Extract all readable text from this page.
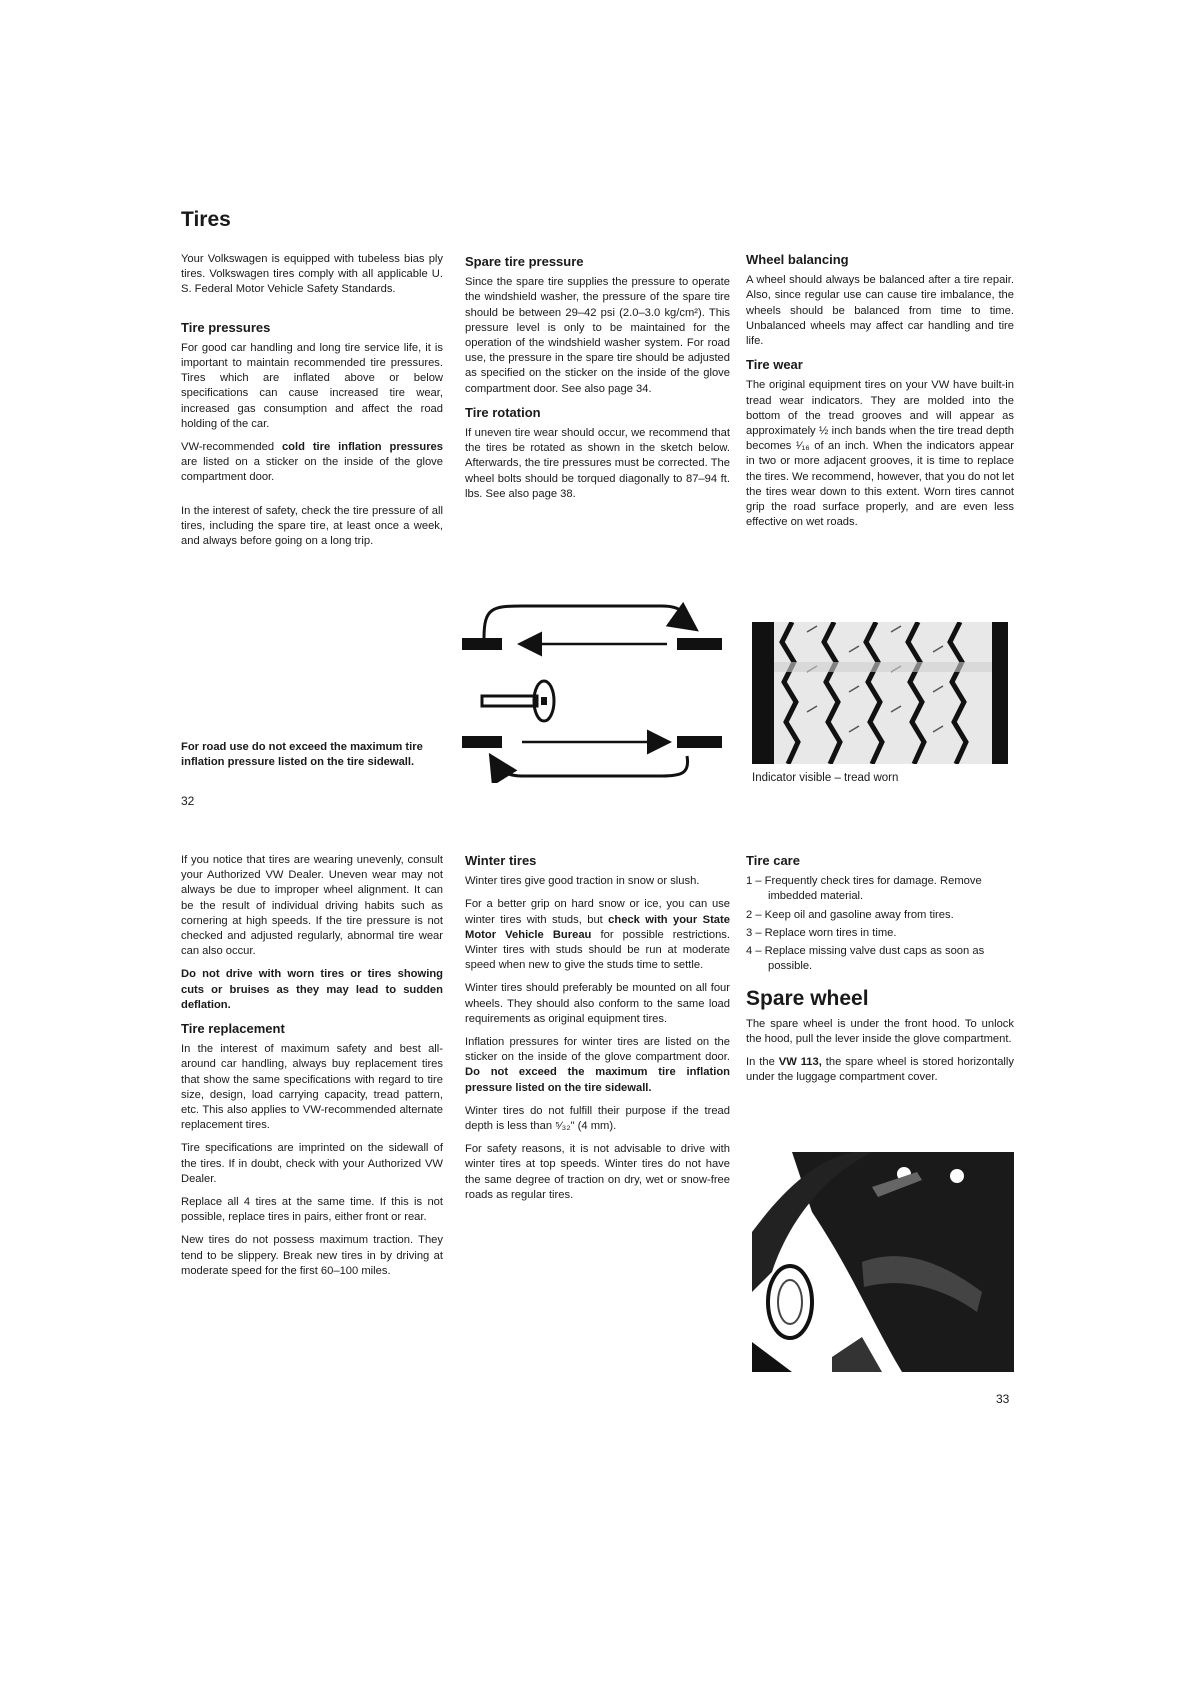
Tires

Your Volkswagen is equipped with tubeless bias ply tires. Volkswagen tires comply with all applicable U. S. Federal Motor Vehicle Safety Standards.

Tire pressures

For good car handling and long tire service life, it is important to maintain recommended tire pressures. Tires which are inflated above or below specifications can cause increased tire wear, increased gas consumption and affect the road holding of the car.

VW-recommended cold tire inflation pressures are listed on a sticker on the inside of the glove compartment door.

In the interest of safety, check the tire pressure of all tires, including the spare tire, at least once a week, and always before going on a long trip.

For road use do not exceed the maximum tire inflation pressure listed on the tire sidewall.
32
Spare tire pressure

Since the spare tire supplies the pressure to operate the windshield washer, the pressure of the spare tire should be between 29–42 psi (2.0–3.0 kg/cm²). This pressure level is only to be maintained for the operation of the windshield washer system. For road use, the pressure in the spare tire should be adjusted as specified on the sticker on the inside of the glove compartment door. See also page 34.

Tire rotation

If uneven tire wear should occur, we recommend that the tires be rotated as shown in the sketch below. Afterwards, the tire pressures must be corrected. The wheel bolts should be torqued diagonally to 87–94 ft. lbs. See also page 38.

Wheel balancing

A wheel should always be balanced after a tire repair. Also, since regular use can cause tire imbalance, the wheels should be balanced from time to time. Unbalanced wheels may affect car handling and tire life.

Tire wear

The original equipment tires on your VW have built-in tread wear indicators. They are molded into the bottom of the tread grooves and will appear as approximately ½ inch bands when the tire tread depth becomes ¹⁄₁₆ of an inch. When the indicators appear in two or more adjacent grooves, it is time to replace the tires. We recommend, however, that you do not let the tires wear down to this extent. Worn tires cannot grip the road surface properly, and are even less effective on wet roads.

Indicator visible – tread worn

If you notice that tires are wearing unevenly, consult your Authorized VW Dealer. Uneven wear may not always be due to improper wheel alignment. It can be the result of individual driving habits such as cornering at high speeds. If the tire pressure is not checked and adjusted regularly, abnormal tire wear can also occur.

Do not drive with worn tires or tires showing cuts or bruises as they may lead to sudden deflation.

Tire replacement

In the interest of maximum safety and best all-around car handling, always buy replacement tires that show the same specifications with regard to tire size, design, load carrying capacity, tread pattern, etc. This also applies to VW-recommended alternate replacement tires.

Tire specifications are imprinted on the sidewall of the tires. If in doubt, check with your Authorized VW Dealer.

Replace all 4 tires at the same time. If this is not possible, replace tires in pairs, either front or rear.

New tires do not possess maximum traction. They tend to be slippery. Break new tires in by driving at moderate speed for the first 60–100 miles.

Winter tires

Winter tires give good traction in snow or slush.

For a better grip on hard snow or ice, you can use winter tires with studs, but check with your State Motor Vehicle Bureau for possible restrictions. Winter tires with studs should be run at moderate speed when new to give the studs time to settle.

Winter tires should preferably be mounted on all four wheels. They should also conform to the same load requirements as original equipment tires.

Inflation pressures for winter tires are listed on the sticker on the inside of the glove compartment door. Do not exceed the maximum tire inflation pressure listed on the tire sidewall.

Winter tires do not fulfill their purpose if the tread depth is less than ⁵⁄₃₂" (4 mm).

For safety reasons, it is not advisable to drive with winter tires at top speeds. Winter tires do not have the same degree of traction on dry, wet or snow-free roads as regular tires.

Tire care
1 – Frequently check tires for damage. Remove imbedded material.
2 – Keep oil and gasoline away from tires.
3 – Replace worn tires in time.
4 – Replace missing valve dust caps as soon as possible.
Spare wheel

The spare wheel is under the front hood. To unlock the hood, pull the lever inside the glove compartment.

In the VW 113, the spare wheel is stored horizontally under the luggage compartment cover.

33
